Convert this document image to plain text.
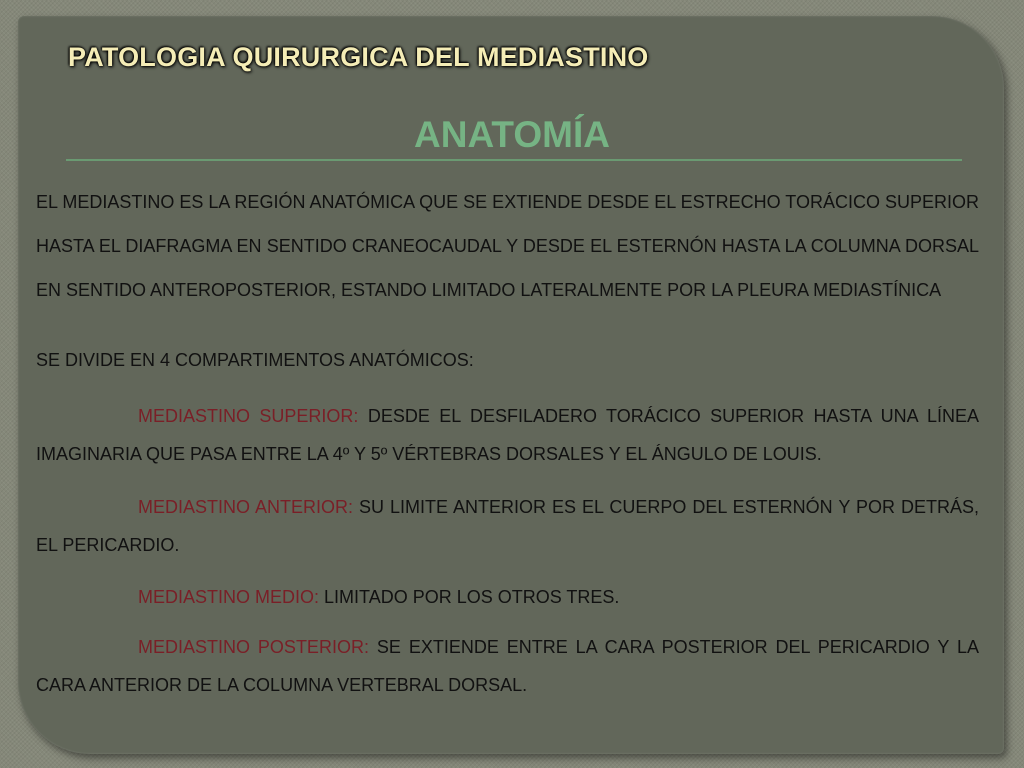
PATOLOGIA QUIRURGICA DEL MEDIASTINO
ANATOMÍA

EL MEDIASTINO ES LA REGIÓN ANATÓMICA QUE SE EXTIENDE DESDE EL ESTRECHO TORÁCICO SUPERIOR HASTA EL DIAFRAGMA EN SENTIDO CRANEOCAUDAL Y DESDE EL ESTERNÓN HASTA LA COLUMNA DORSAL EN SENTIDO ANTEROPOSTERIOR, ESTANDO LIMITADO LATERALMENTE POR LA PLEURA MEDIASTÍNICA

SE DIVIDE EN 4 COMPARTIMENTOS ANATÓMICOS:

MEDIASTINO SUPERIOR: DESDE EL DESFILADERO TORÁCICO SUPERIOR HASTA UNA LÍNEA IMAGINARIA QUE PASA ENTRE LA 4º Y 5º VÉRTEBRAS DORSALES Y EL ÁNGULO DE LOUIS.

MEDIASTINO ANTERIOR: SU LIMITE ANTERIOR ES EL CUERPO DEL ESTERNÓN Y POR DETRÁS, EL PERICARDIO.

MEDIASTINO MEDIO: LIMITADO POR LOS OTROS TRES.

MEDIASTINO POSTERIOR: SE EXTIENDE ENTRE LA CARA POSTERIOR DEL PERICARDIO Y LA CARA ANTERIOR DE LA COLUMNA VERTEBRAL DORSAL.
